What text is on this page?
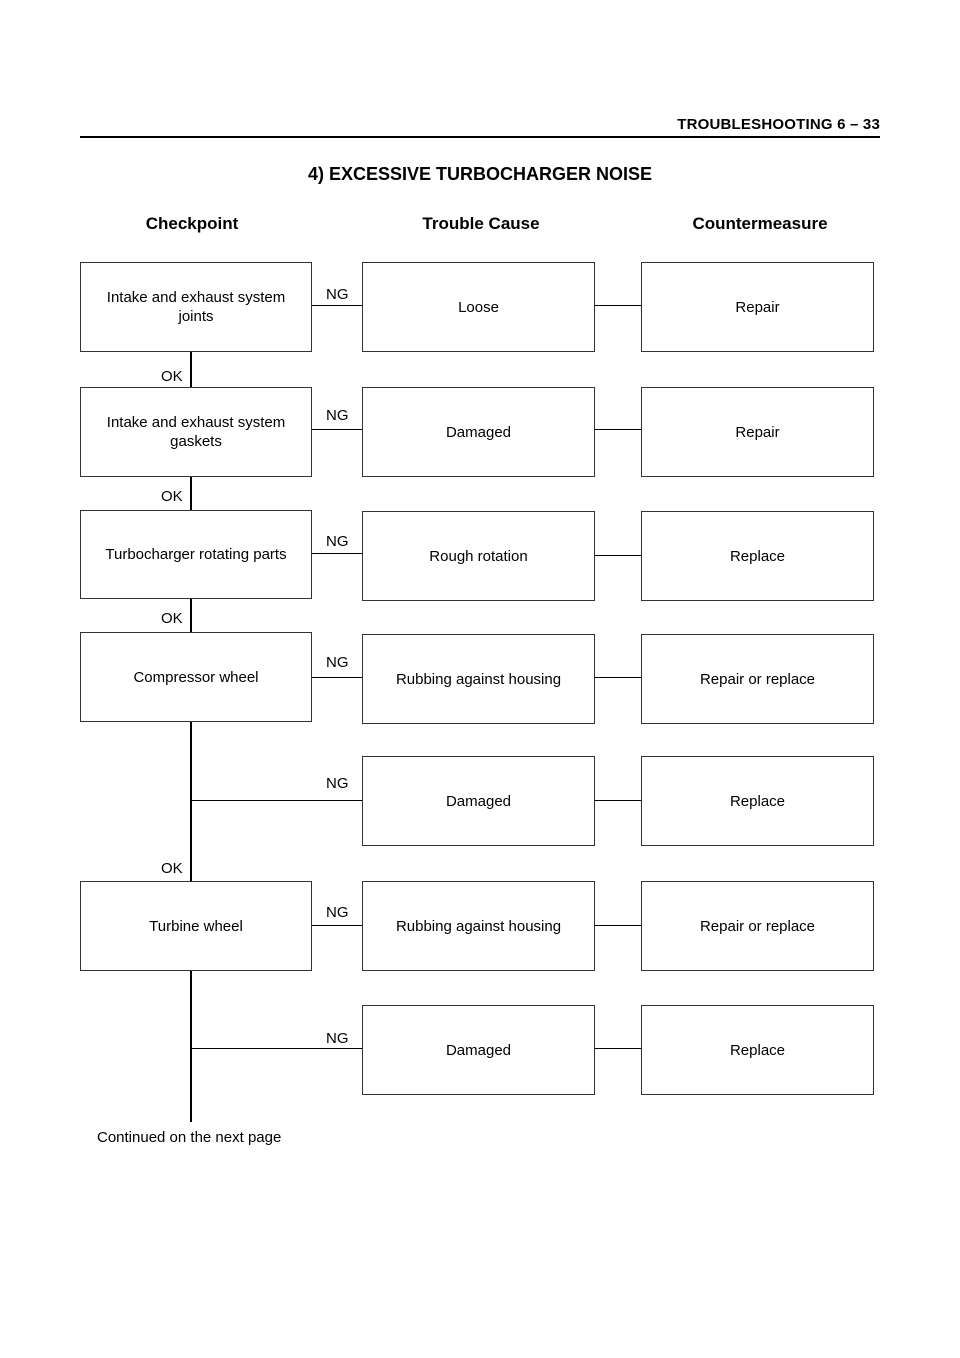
TROUBLESHOOTING 6 – 33
4) EXCESSIVE TURBOCHARGER NOISE
Checkpoint	Trouble Cause	Countermeasure
Intake and exhaust system
joints
Intake and exhaust system
gaskets
Turbocharger rotating parts
Compressor wheel
Turbine wheel
Loose
Damaged
Rough rotation
Rubbing against housing
Damaged
Rubbing against housing
Damaged
Repair
Repair
Replace
Repair or replace
Replace
Repair or replace
Replace
NG
NG
NG
NG
NG
NG
NG
OK
OK
OK
OK
Continued on the next page
